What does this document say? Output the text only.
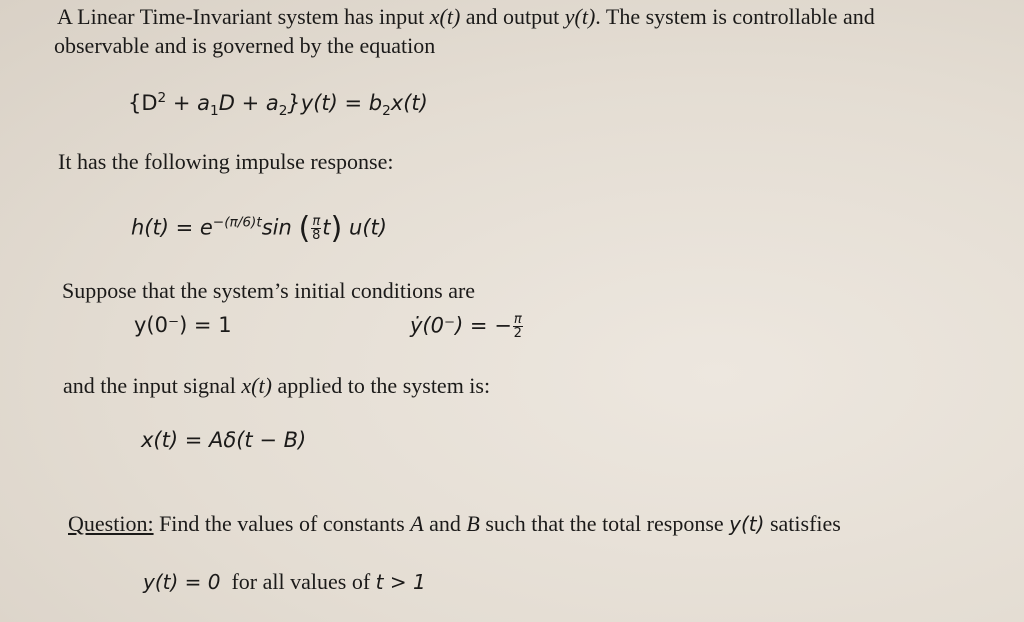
A Linear Time-Invariant system has input x(t) and output y(t). The system is controllable and
observable and is governed by the equation
$\{D^2 + a_1D + a_2\}y(t) = b_2x(t)$
It has the following impulse response:
$h(t) = e^{-(\pi/6)t}\sin$ ( $\frac{\pi}{8} t$) u(t)
Suppose that the system’s initial conditions are
y(0⁻) = 1	ẏ(0⁻) = − $\frac{\pi}{2}$
and the input signal x(t) applied to the system is:
x(t) = Aδ(t − B)
Question: Find the values of constants A and B such that the total response y(t) satisfies
y(t) = 0  for all values of t > 1
